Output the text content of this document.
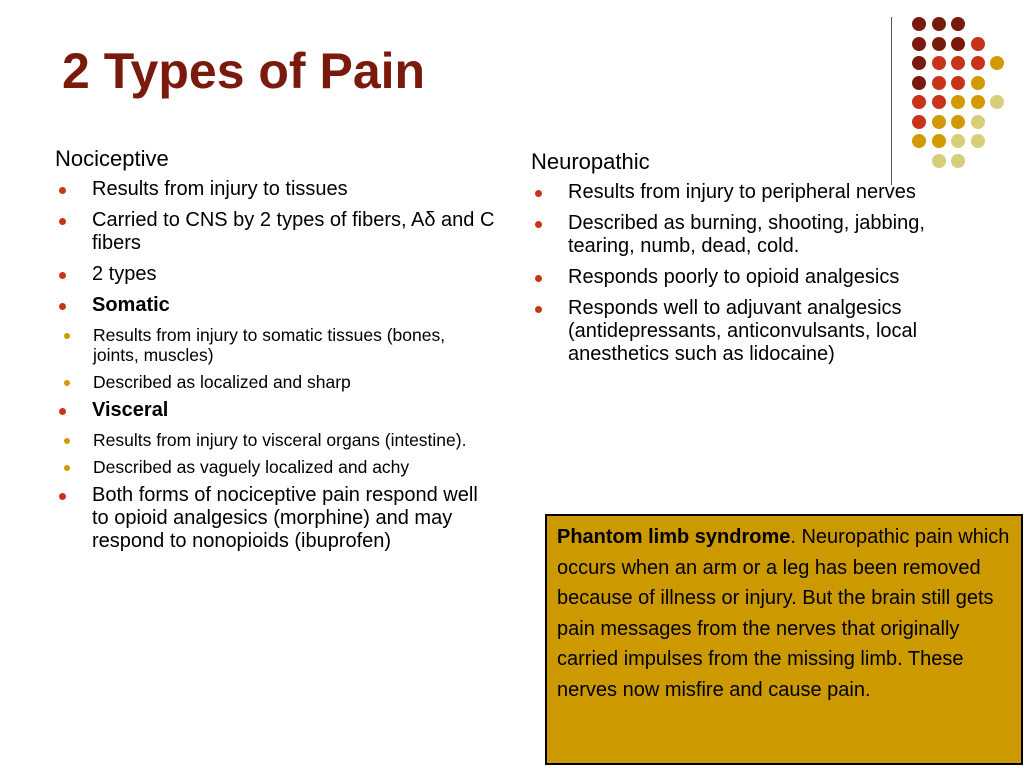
2 Types of Pain
Nociceptive
Results from injury to tissues
Carried to CNS by 2 types of fibers, Aδ and C fibers
2 types
Somatic
Results from injury to somatic tissues (bones, joints, muscles)
Described as localized and sharp
Visceral
Results from injury to visceral organs (intestine).
Described as vaguely localized and achy
Both forms of nociceptive pain respond well to opioid analgesics (morphine) and may respond to nonopioids (ibuprofen)
Neuropathic
Results from injury to peripheral nerves
Described as burning, shooting, jabbing, tearing, numb, dead, cold.
Responds poorly to opioid analgesics
Responds well to adjuvant analgesics (antidepressants, anticonvulsants, local anesthetics such as lidocaine)
Phantom limb syndrome. Neuropathic pain which occurs when an arm or a leg has been removed because of illness or injury. But the brain still gets pain messages from the nerves that originally carried impulses from the missing limb. These nerves now misfire and cause pain.
